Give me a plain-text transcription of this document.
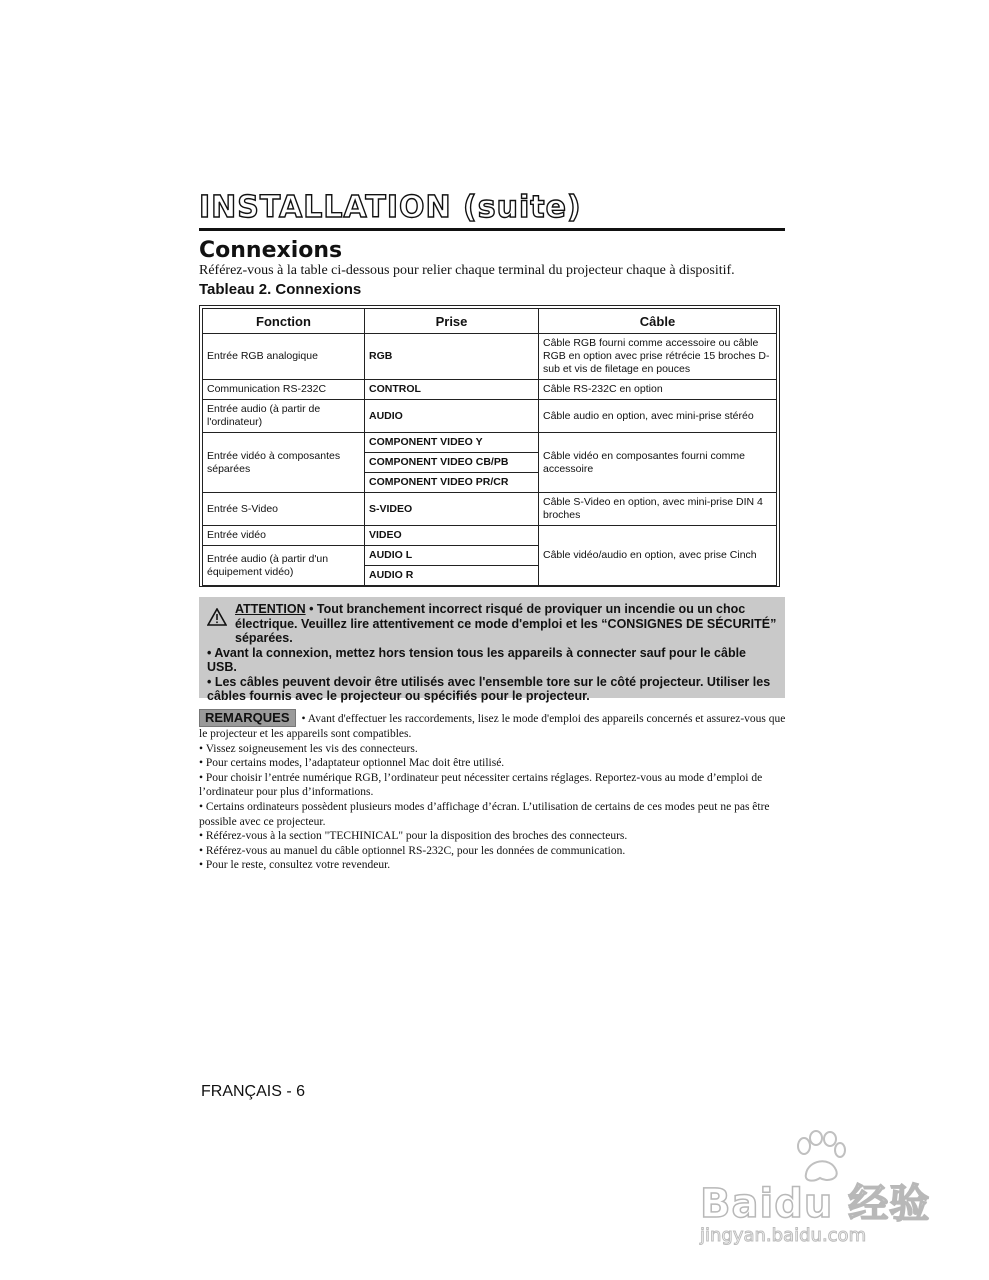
INSTALLATION (suite)
Connexions
Référez-vous à la table ci-dessous pour relier chaque terminal du projecteur chaque à dispositif.
Tableau 2. Connexions
Fonction	Prise	Câble
Entrée RGB analogique	RGB	Câble RGB fourni comme accessoire ou câble RGB en option avec prise rétrécie 15 broches D-sub et vis de filetage en pouces
Communication RS-232C	CONTROL	Câble RS-232C en option
Entrée audio (à partir de l'ordinateur)	AUDIO	Câble audio en option, avec mini-prise stéréo
Entrée vidéo à composantes séparées	COMPONENT VIDEO Y	Câble vidéo en composantes fourni comme accessoire
	COMPONENT VIDEO CB/PB	
	COMPONENT VIDEO PR/CR	
Entrée S-Video	S-VIDEO	Câble S-Video en option, avec mini-prise DIN 4 broches
Entrée vidéo	VIDEO	Câble vidéo/audio en option, avec prise Cinch
Entrée audio (à partir d'un équipement vidéo)	AUDIO L	
	AUDIO R	

ATTENTION • Tout branchement incorrect risqué de proviquer un incendie ou un choc électrique. Veuillez lire attentivement ce mode d'emploi et les “CONSIGNES DE SÉCURITÉ” séparées.

• Avant la connexion, mettez hors tension tous les appareils à connecter sauf pour le câble USB.

• Les câbles peuvent devoir être utilisés avec l'ensemble tore sur le côté projecteur. Utiliser les câbles fournis avec le projecteur ou spécifiés pour le projecteur.

REMARQUES • Avant d'effectuer les raccordements, lisez le mode d'emploi des appareils concernés et assurez-vous que le projecteur et les appareils sont compatibles.

• Vissez soigneusement les vis des connecteurs.

• Pour certains modes, l’adaptateur optionnel Mac doit être utilisé.

• Pour choisir l’entrée numérique RGB, l’ordinateur peut nécessiter certains réglages. Reportez-vous au mode d’emploi de l’ordinateur pour plus d’informations.

• Certains ordinateurs possèdent plusieurs modes d’affichage d’écran. L’utilisation de certains de ces modes peut ne pas être possible avec ce projecteur.

• Référez-vous à la section "TECHINICAL" pour la disposition des broches des connecteurs.

• Référez-vous au manuel du câble optionnel RS-232C, pour les données de communication.

• Pour le reste, consultez votre revendeur.

FRANÇAIS - 6
Baidu 经验
jingyan.baidu.com
